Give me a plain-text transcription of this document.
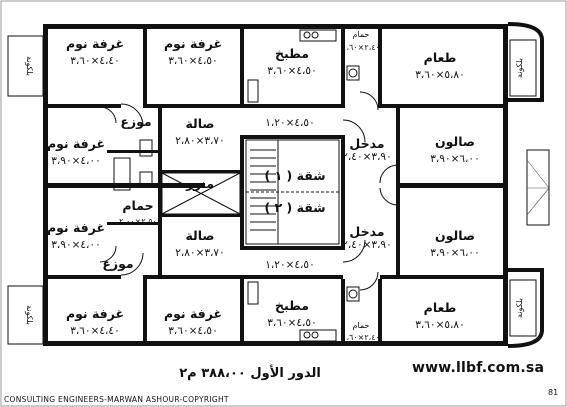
غرفة نوم
٤،٤٠×٣،٦٠
غرفة نوم
٤،٥٠×٣،٦٠	مطبخ
٤،٥٠×٣،٦٠
حمام
٢،٤٠×١،٦٠
طعام
٥،٨٠×٣،٦٠
موزع	صالة
٣،٧٠×٢،٨٠
٤،٥٠×١،٢٠
مدخل
٣،٩٠×٢،٤٠
صالون
٦،٠٠×٣،٩٠
غرفة نوم
٤،٠٠×٣،٩٠
منور
شقة ( ١ )
شقة ( ٢ )
حمام
٢،٥٠×٢،٠٠
غرفة نوم
٤،٠٠×٣،٩٠
موزع
صالة
٣،٧٠×٢،٨٠
٤،٥٠×١،٢٠
مدخل
٣،٩٠×٢،٤٠
صالون
٦،٠٠×٣،٩٠
غرفة نوم
٤،٤٠×٣،٦٠
غرفة نوم
٤،٥٠×٣،٦٠
مطبخ
٤،٥٠×٣،٦٠	حمام
٢،٤٠×١،٦٠
طعام
٥،٨٠×٣،٦٠
بلكونة
بلكونة
بلكونة
بلكونة
الدور الأول ٣٨٨،٠٠ م٢	www.llbf.com.sa
CONSULTING ENGINEERS-MARWAN ASHOUR-COPYRIGHT
81
